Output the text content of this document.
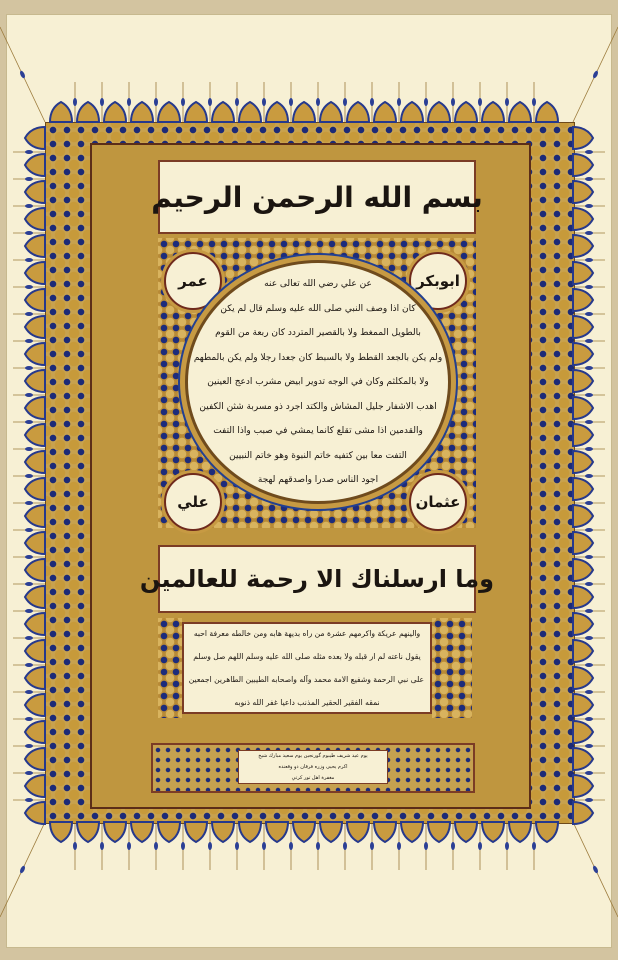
بسم الله الرحمن الرحيم
ابوبكر
عمر
عثمان
علي
عن علي رضي الله تعالى عنه
كان اذا وصف النبي صلى الله عليه وسلم قال لم يكن
بالطويل الممغط ولا بالقصير المتردد كان ربعة من القوم
ولم يكن بالجعد القطط ولا بالسبط كان جعدا رجلا ولم يكن بالمطهم
ولا بالمكلثم وكان في الوجه تدوير ابيض مشرب ادعج العينين
اهدب الاشفار جليل المشاش والكتد اجرد ذو مسربة شثن الكفين
والقدمين اذا مشى تقلع كانما يمشي في صبب واذا التفت
التفت معا بين كتفيه خاتم النبوة وهو خاتم النبيين
اجود الناس صدرا واصدقهم لهجة
وما ارسلناك الا رحمة للعالمين
والينهم عريكة واكرمهم عشرة من راه بديهة هابه ومن خالطه معرفة احبه
يقول ناعته لم ار قبله ولا بعده مثله صلى الله عليه وسلم اللهم صل وسلم
على نبي الرحمة وشفيع الامة محمد وآله واصحابه الطيبين الطاهرين اجمعين
نمقه الفقير الحقير المذنب داعيا غفر الله ذنوبه
يوم عيد شريف طيبوم گورنجين يوم سعيد مبارك شيخ
اكرم يحيى وزره فرقان ذو وقعنده
مغفرة اهل تور كرتي
